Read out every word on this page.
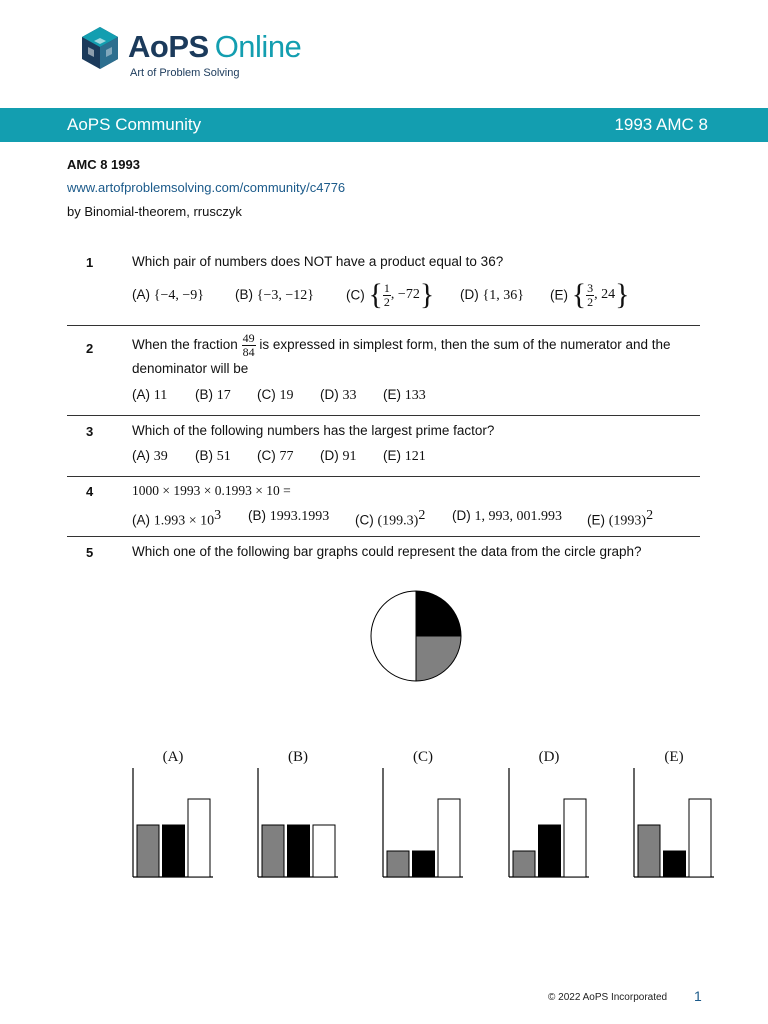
AoPS Online
Art of Problem Solving
AoPS Community	1993 AMC 8
AMC 8 1993
www.artofproblemsolving.com/community/c4776
by Binomial-theorem, rrusczyk
1	Which pair of numbers does NOT have a product equal to 36?
(A) {−4, −9} (B) {−3, −12} (C) { $\frac{1}{2}$ , −72} (D) {1, 36} (E) { $\frac{3}{2}$ , 24}
2	When the fraction $\frac{49}{84}$ is expressed in simplest form, then the sum of the numerator and the
denominator will be
(A) 11 (B) 17 (C) 19 (D) 33 (E) 133
3	Which of the following numbers has the largest prime factor?
(A) 39 (B) 51 (C) 77 (D) 91 (E) 121
4	1000 × 1993 × 0.1993 × 10 =
(A) $1.993 \times 10^3$ (B) 1993.1993 (C) $(199.3)^2$ (D) 1, 993, 001.993 (E) $(1993)^2$
5	Which one of the following bar graphs could represent the data from the circle graph?
(A)	(B)	(C)	(D)	(E)
© 2022 AoPS Incorporated 1
